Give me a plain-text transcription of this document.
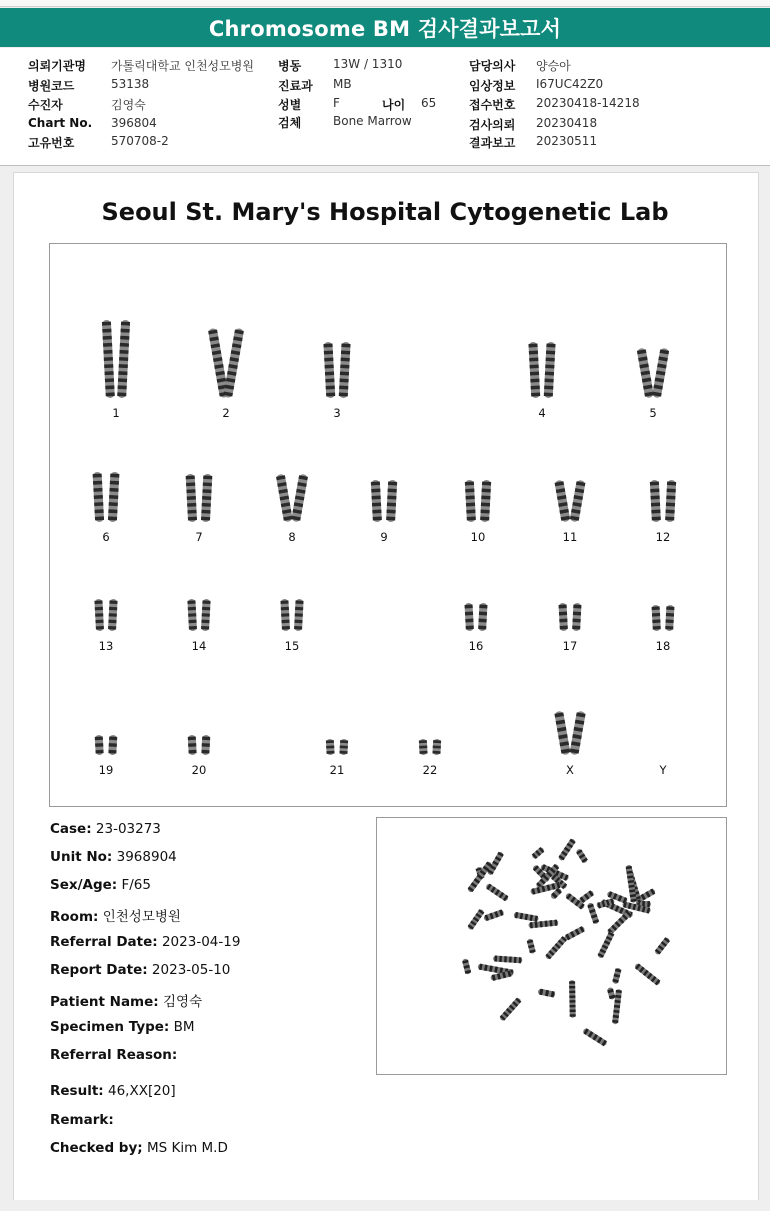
Chromosome BM 검사결과보고서
의뢰기관명 가톨릭대학교 인천성모병원
병원코드	53138
수진자	김영숙
Chart No. 396804
고유번호	570708-2
병동	13W / 1310
진료과 MB
성별	F	나이 65
검체	Bone Marrow
담당의사 양승아
임상정보 I67UC42Z0
접수번호 20230418-14218
검사의뢰 20230418
결과보고 20230511
Seoul St. Mary's Hospital Cytogenetic Lab
1	2	3	4	5
6	7	8	9	10	11	12
13	14	15	16	17	18
19	20	21	22	X	Y
Case: 23-03273
Unit No: 3968904
Sex/Age: F/65
Room: 인천성모병원
Referral Date: 2023-04-19
Report Date: 2023-05-10
Patient Name: 김영숙
Specimen Type: BM
Referral Reason:
Result: 46,XX[20]
Remark:
Checked by; MS Kim M.D
